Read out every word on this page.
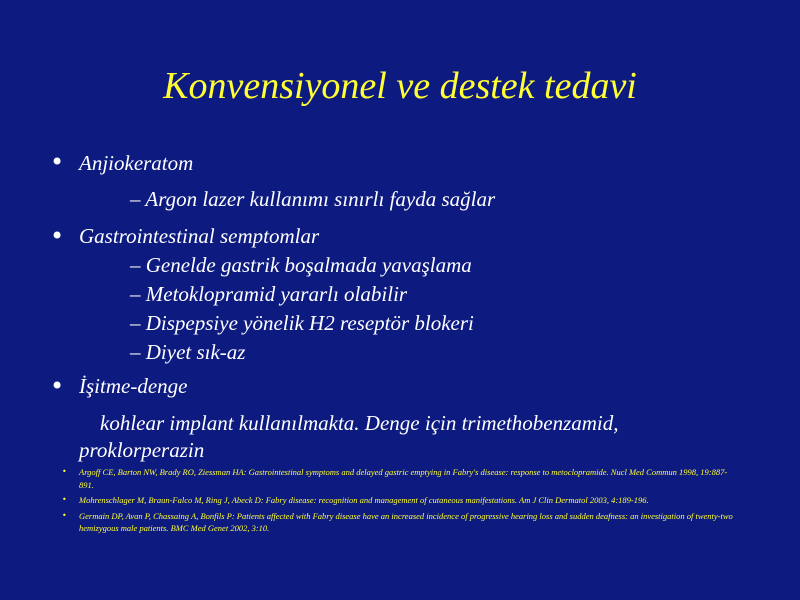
Konvensiyonel ve destek tedavi
• Anjiokeratom
– Argon lazer kullanımı sınırlı fayda sağlar
• Gastrointestinal semptomlar
– Genelde gastrik boşalmada yavaşlama
– Metoklopramid yararlı olabilir
– Dispepsiye yönelik H2 reseptör blokeri
– Diyet sık-az
• İşitme-denge
kohlear implant kullanılmakta. Denge için trimethobenzamid,
proklorperazin
• Argoff CE, Barton NW, Brady RO, Ziessman HA: Gastrointestinal symptoms and delayed gastric emptying in Fabry's disease: response to metoclopramide. Nucl Med Commun 1998, 19:887-891.
• Mohrenschlager M, Braun-Falco M, Ring J, Abeck D: Fabry disease: recognition and management of cutaneous manifestations. Am J Clin Dermatol 2003, 4:189-196.
• Germain DP, Avan P, Chassaing A, Bonfils P: Patients affected with Fabry disease have an increased incidence of progressive hearing loss and sudden deafness: an investigation of twenty-two hemizygous male patients. BMC Med Genet 2002, 3:10.
